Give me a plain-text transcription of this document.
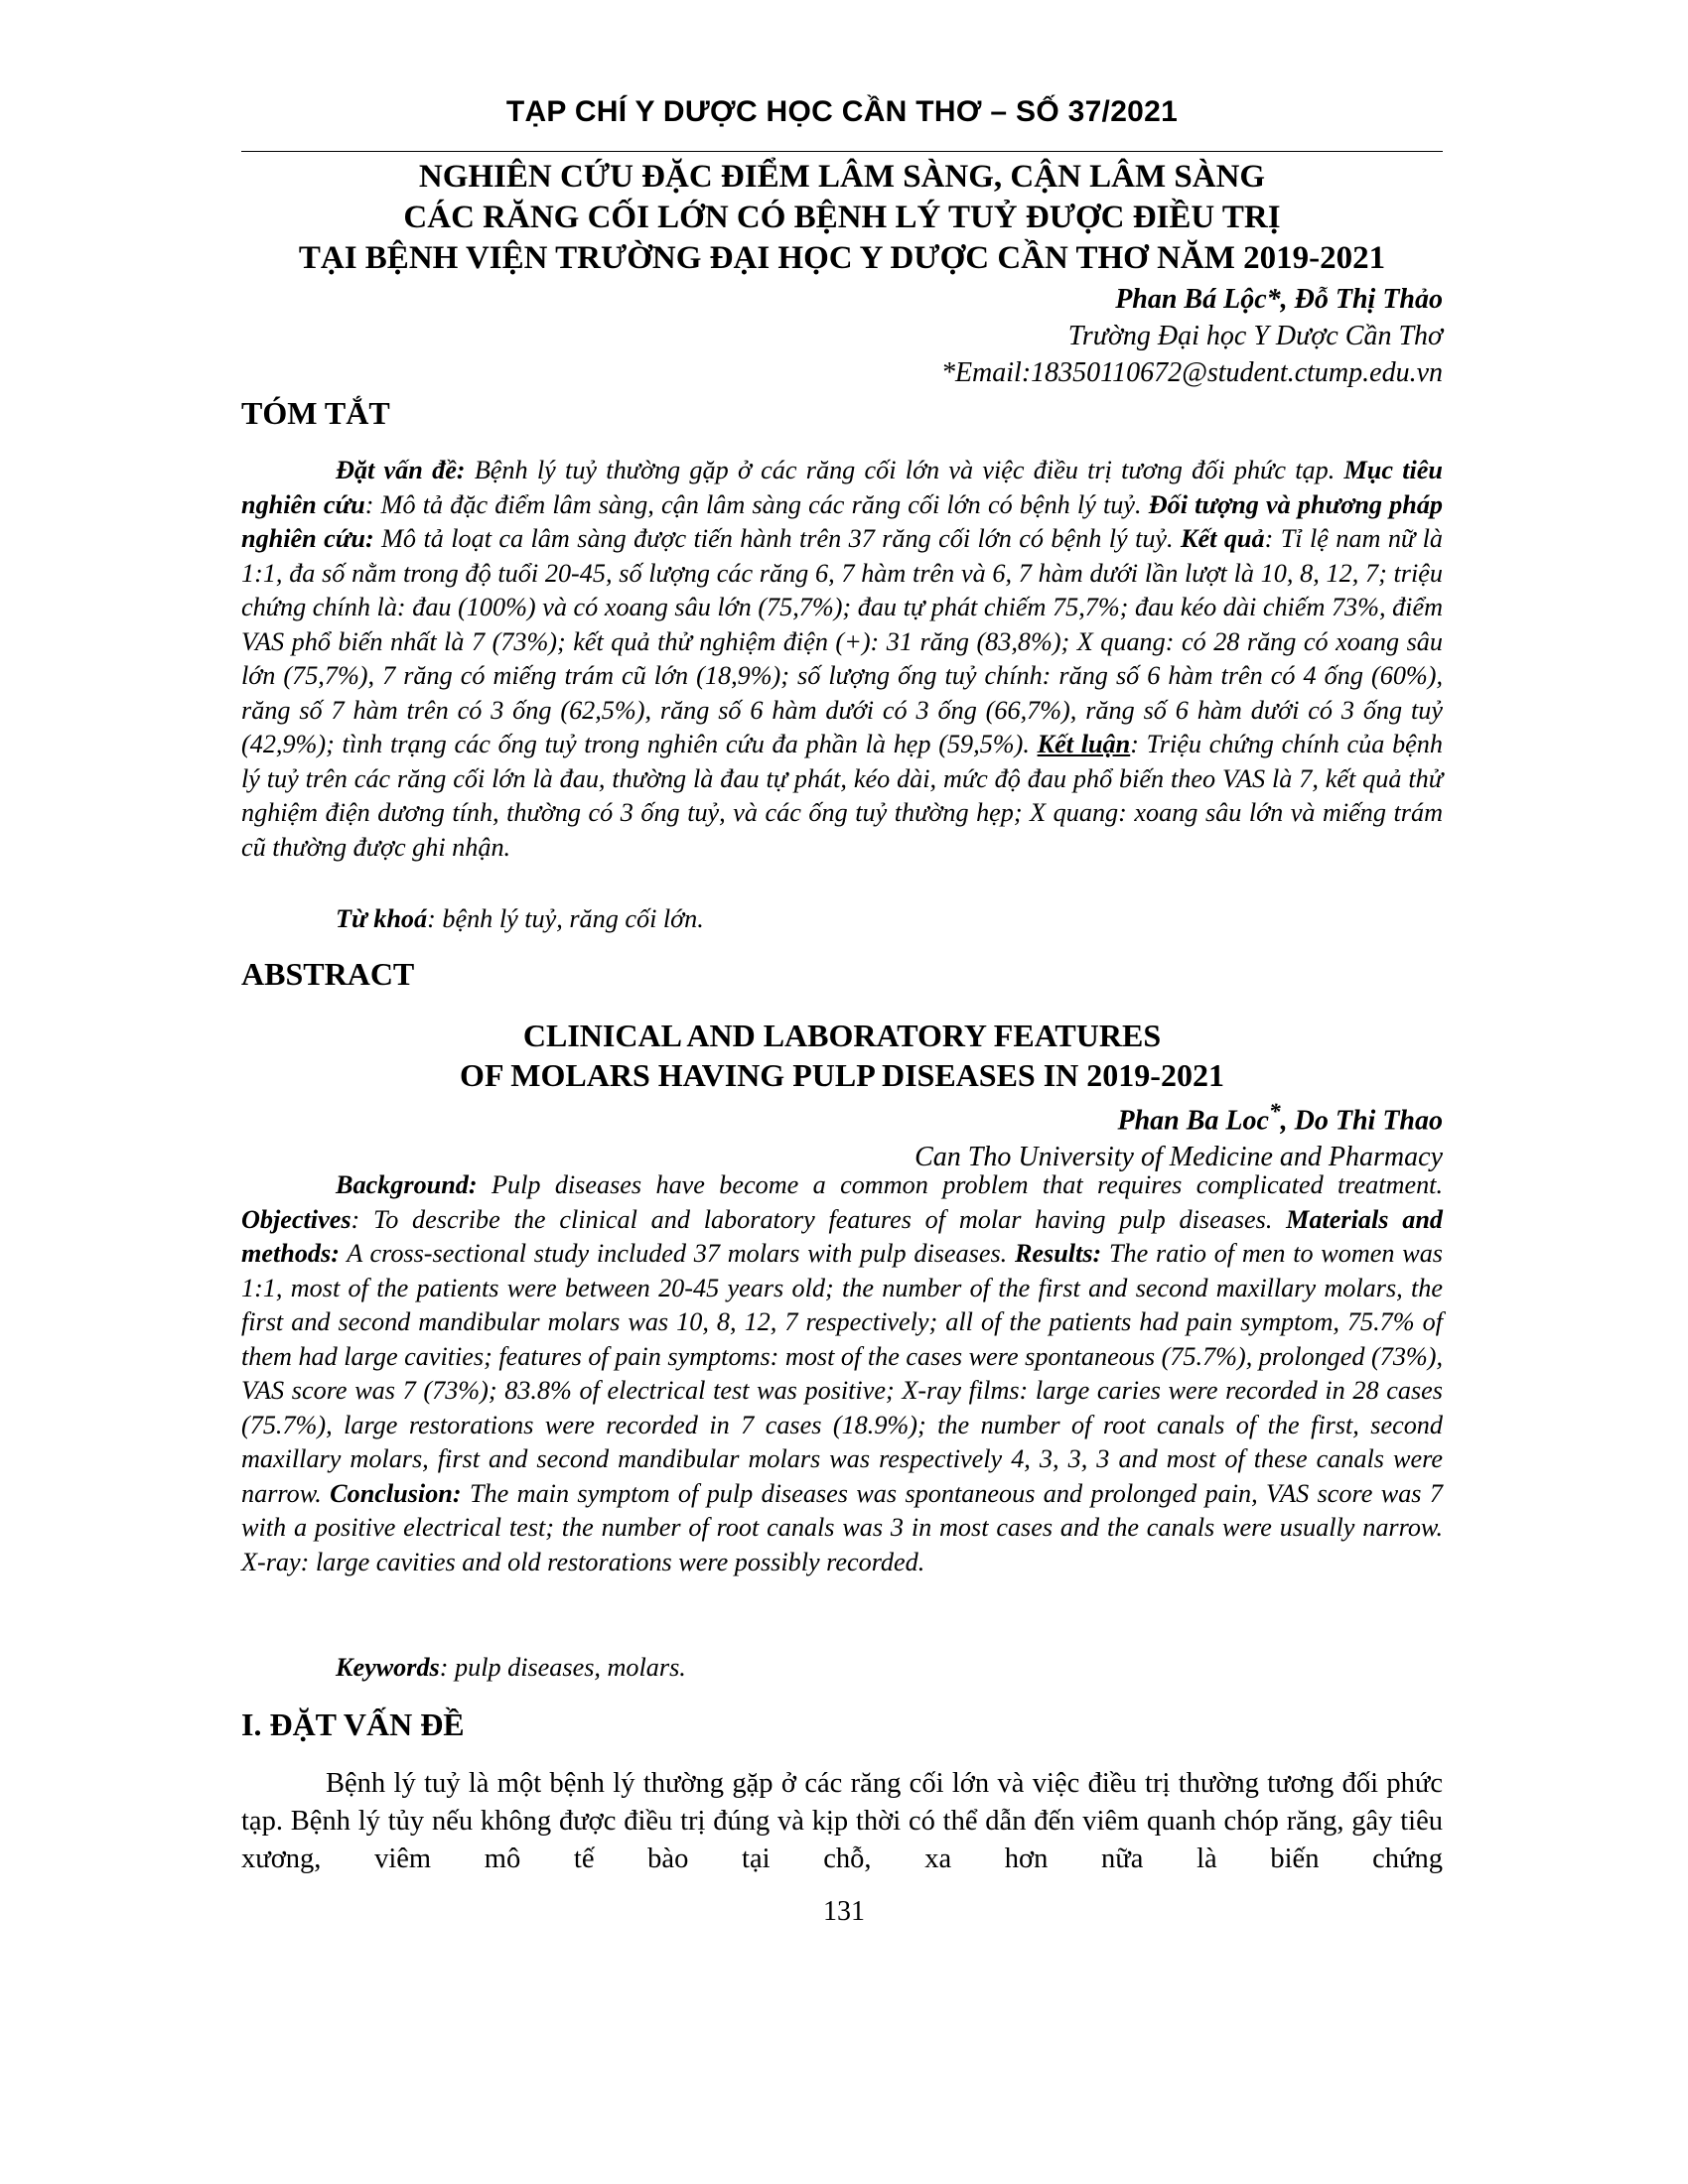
TẠP CHÍ Y DƯỢC HỌC CẦN THƠ – SỐ 37/2021
NGHIÊN CỨU ĐẶC ĐIỂM LÂM SÀNG, CẬN LÂM SÀNG
CÁC RĂNG CỐI LỚN CÓ BỆNH LÝ TUỶ ĐƯỢC ĐIỀU TRỊ
TẠI BỆNH VIỆN TRƯỜNG ĐẠI HỌC Y DƯỢC CẦN THƠ NĂM 2019-2021
Phan Bá Lộc*, Đỗ Thị Thảo
Trường Đại học Y Dược Cần Thơ
*Email:18350110672@student.ctump.edu.vn
TÓM TẮT
Đặt vấn đề: Bệnh lý tuỷ thường gặp ở các răng cối lớn và việc điều trị tương đối phức tạp. Mục tiêu nghiên cứu: Mô tả đặc điểm lâm sàng, cận lâm sàng các răng cối lớn có bệnh lý tuỷ. Đối tượng và phương pháp nghiên cứu: Mô tả loạt ca lâm sàng được tiến hành trên 37 răng cối lớn có bệnh lý tuỷ. Kết quả: Tỉ lệ nam nữ là 1:1, đa số nằm trong độ tuổi 20-45, số lượng các răng 6, 7 hàm trên và 6, 7 hàm dưới lần lượt là 10, 8, 12, 7; triệu chứng chính là: đau (100%) và có xoang sâu lớn (75,7%); đau tự phát chiếm 75,7%; đau kéo dài chiếm 73%, điểm VAS phổ biến nhất là 7 (73%); kết quả thử nghiệm điện (+): 31 răng (83,8%); X quang: có 28 răng có xoang sâu lớn (75,7%), 7 răng có miếng trám cũ lớn (18,9%); số lượng ống tuỷ chính: răng số 6 hàm trên có 4 ống (60%), răng số 7 hàm trên có 3 ống (62,5%), răng số 6 hàm dưới có 3 ống (66,7%), răng số 6 hàm dưới có 3 ống tuỷ (42,9%); tình trạng các ống tuỷ trong nghiên cứu đa phần là hẹp (59,5%). Kết luận: Triệu chứng chính của bệnh lý tuỷ trên các răng cối lớn là đau, thường là đau tự phát, kéo dài, mức độ đau phổ biến theo VAS là 7, kết quả thử nghiệm điện dương tính, thường có 3 ống tuỷ, và các ống tuỷ thường hẹp; X quang: xoang sâu lớn và miếng trám cũ thường được ghi nhận.
Từ khoá: bệnh lý tuỷ, răng cối lớn.
ABSTRACT
CLINICAL AND LABORATORY FEATURES
OF MOLARS HAVING PULP DISEASES IN 2019-2021
Phan Ba Loc*, Do Thi Thao
Can Tho University of Medicine and Pharmacy
Background: Pulp diseases have become a common problem that requires complicated treatment. Objectives: To describe the clinical and laboratory features of molar having pulp diseases. Materials and methods: A cross-sectional study included 37 molars with pulp diseases. Results: The ratio of men to women was 1:1, most of the patients were between 20-45 years old; the number of the first and second maxillary molars, the first and second mandibular molars was 10, 8, 12, 7 respectively; all of the patients had pain symptom, 75.7% of them had large cavities; features of pain symptoms: most of the cases were spontaneous (75.7%), prolonged (73%), VAS score was 7 (73%); 83.8% of electrical test was positive; X-ray films: large caries were recorded in 28 cases (75.7%), large restorations were recorded in 7 cases (18.9%); the number of root canals of the first, second maxillary molars, first and second mandibular molars was respectively 4, 3, 3, 3 and most of these canals were narrow. Conclusion: The main symptom of pulp diseases was spontaneous and prolonged pain, VAS score was 7 with a positive electrical test; the number of root canals was 3 in most cases and the canals were usually narrow. X-ray: large cavities and old restorations were possibly recorded.
Keywords: pulp diseases, molars.
I. ĐẶT VẤN ĐỀ
Bệnh lý tuỷ là một bệnh lý thường gặp ở các răng cối lớn và việc điều trị thường tương đối phức tạp. Bệnh lý tủy nếu không được điều trị đúng và kịp thời có thể dẫn đến viêm quanh chóp răng, gây tiêu xương, viêm mô tế bào tại chỗ, xa hơn nữa là biến chứng
131
